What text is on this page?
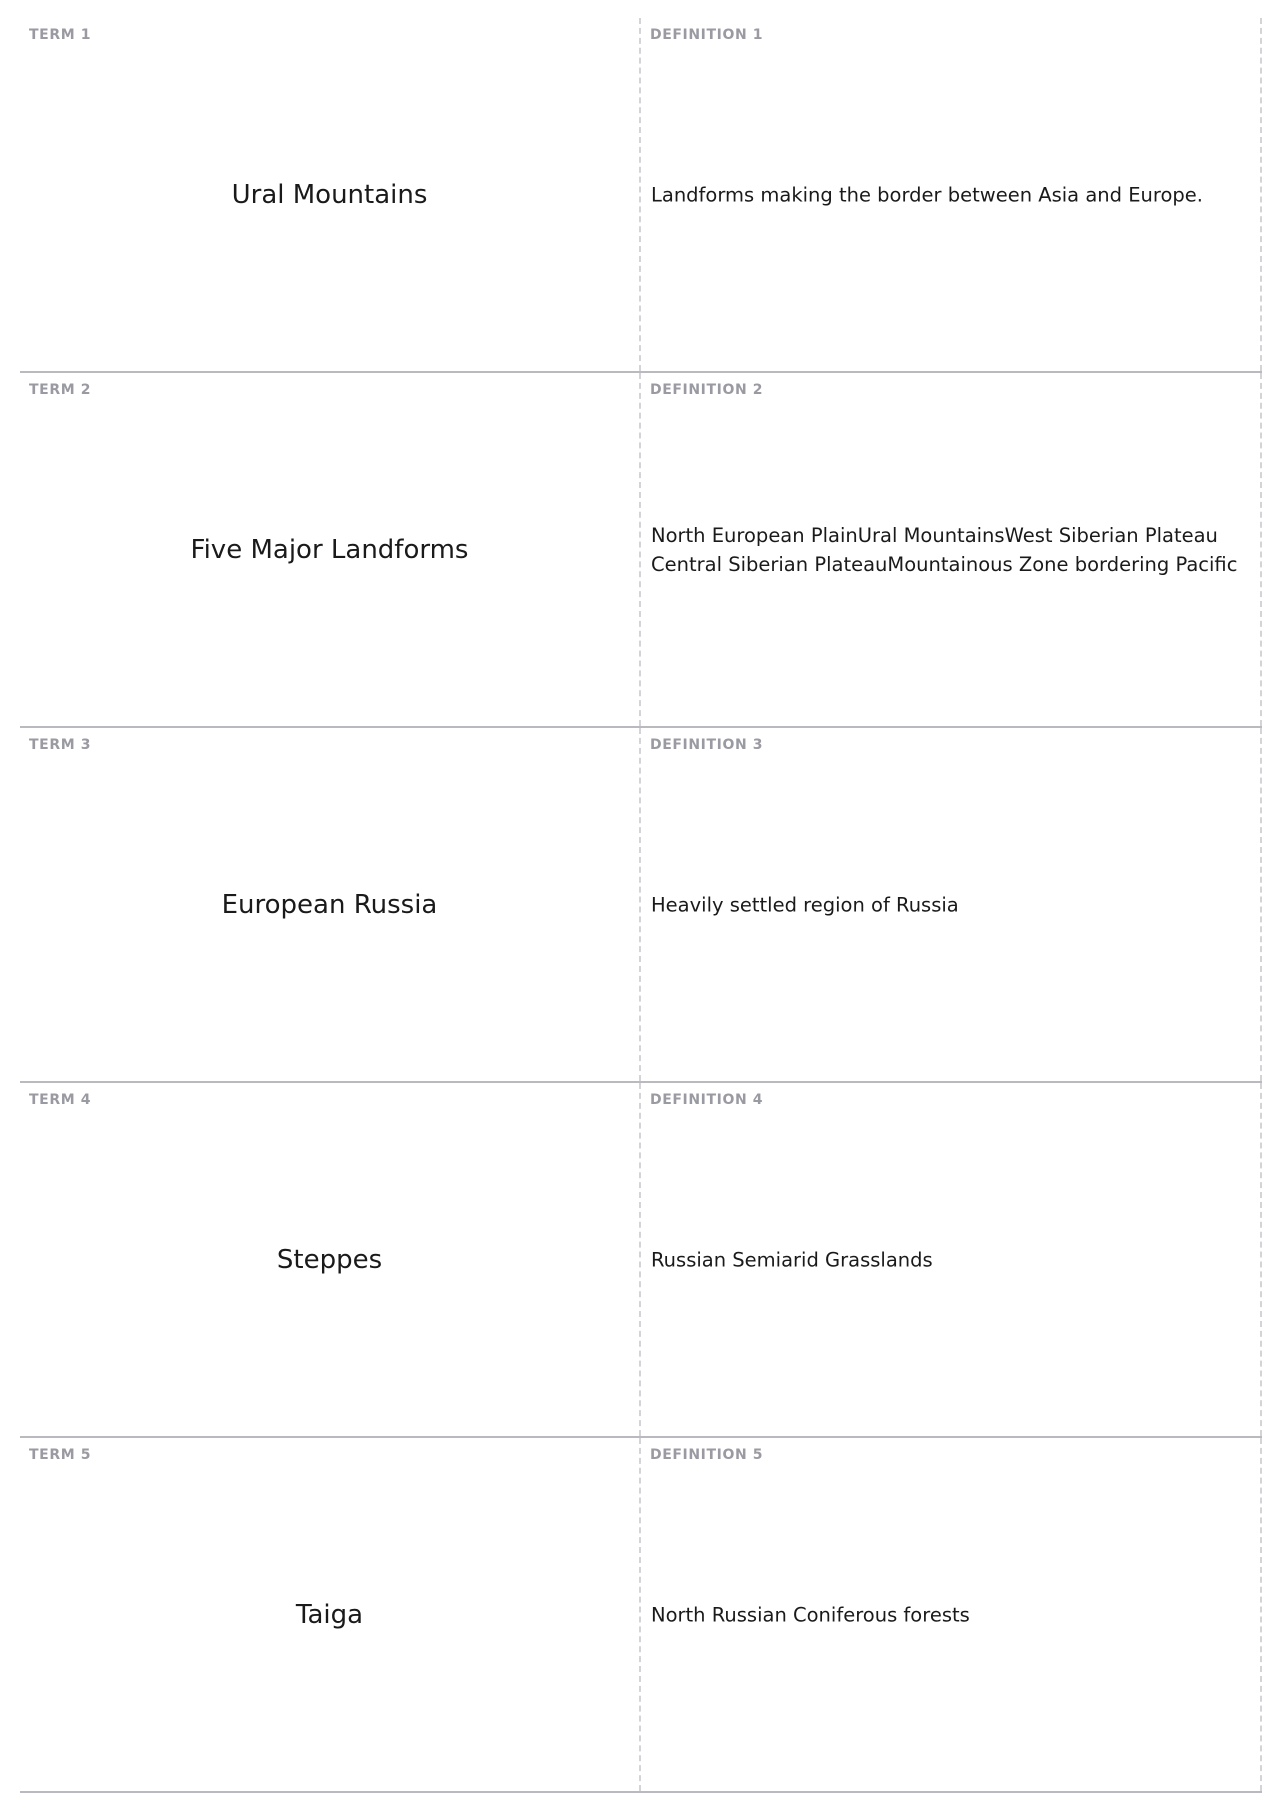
TERM 1
Ural Mountains
DEFINITION 1
Landforms making the border between Asia and Europe.
TERM 2
Five Major Landforms
DEFINITION 2
North European PlainUral MountainsWest Siberian Plateau
Central Siberian PlateauMountainous Zone bordering Pacific
TERM 3
European Russia
DEFINITION 3
Heavily settled region of Russia
TERM 4
Steppes
DEFINITION 4
Russian Semiarid Grasslands
TERM 5
Taiga
DEFINITION 5
North Russian Coniferous forests
